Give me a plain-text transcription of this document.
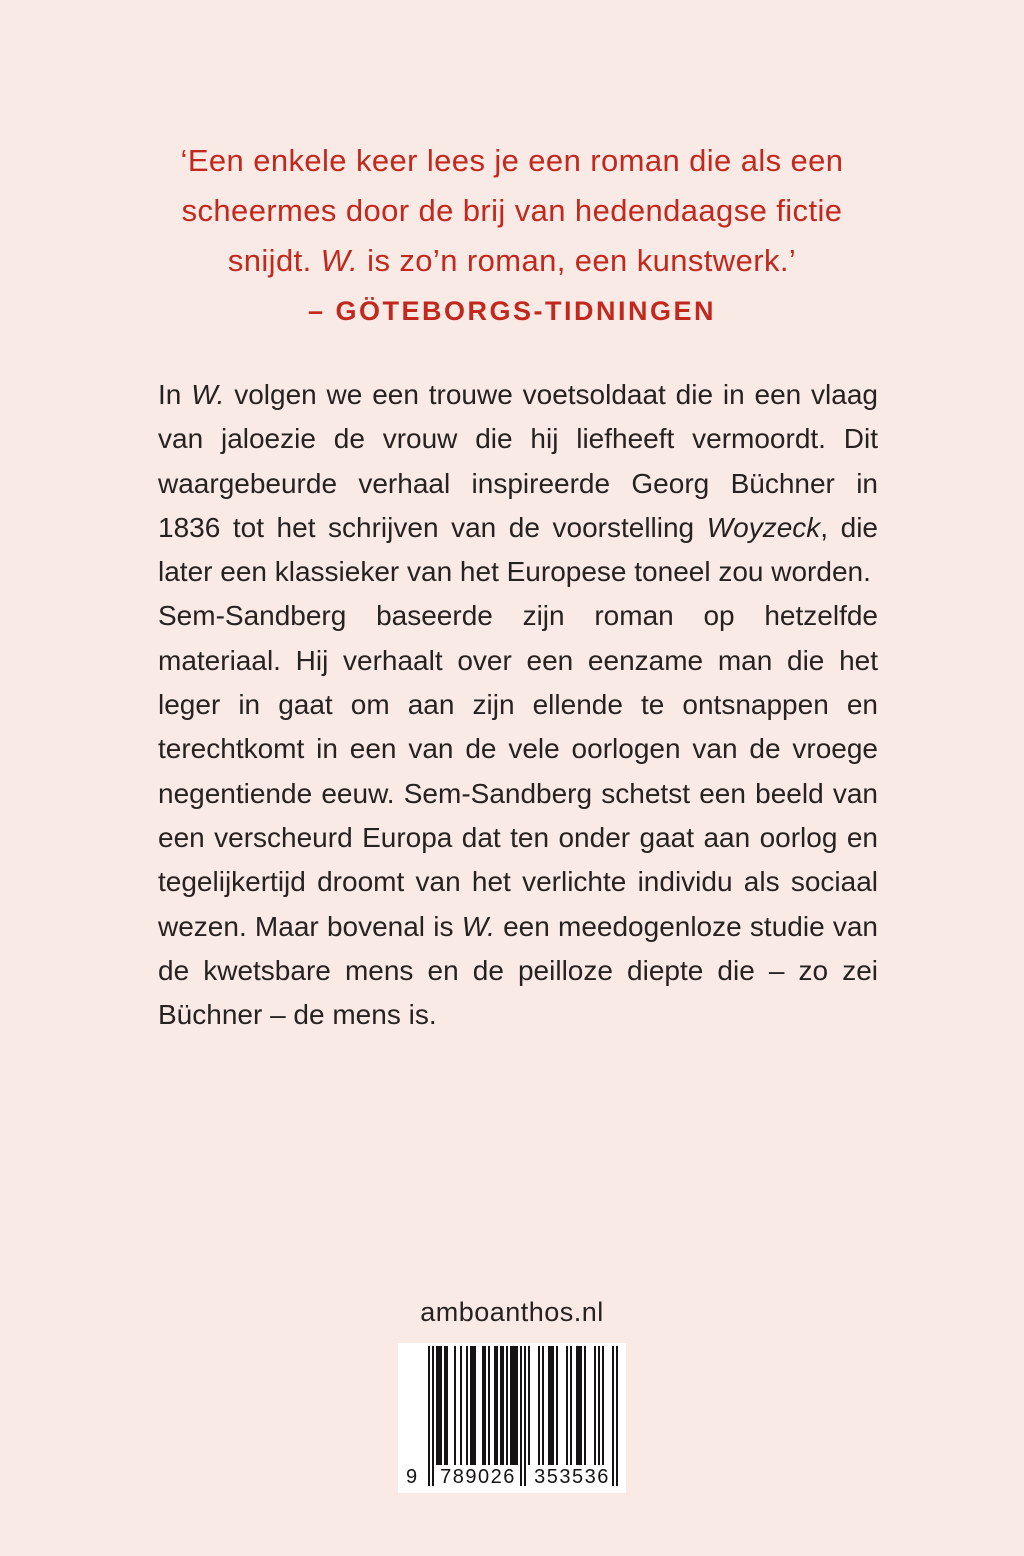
‘Een enkele keer lees je een roman die als een
scheermes door de brij van hedendaagse fictie
snijdt. W. is zo’n roman, een kunstwerk.’
– GÖTEBORGS-TIDNINGEN

In W. volgen we een trouwe voetsoldaat die in een vlaag van jaloezie de vrouw die hij liefheeft vermoordt. Dit waargebeurde verhaal inspireerde Georg Büchner in 1836 tot het schrijven van de voorstelling Woyzeck, die later een klassieker van het Europese toneel zou worden.

Sem-Sandberg baseerde zijn roman op hetzelfde materiaal. Hij verhaalt over een eenzame man die het leger in gaat om aan zijn ellende te ontsnappen en terechtkomt in een van de vele oorlogen van de vroege negentiende eeuw. Sem-Sandberg schetst een beeld van een verscheurd Europa dat ten onder gaat aan oorlog en tegelijkertijd droomt van het verlichte individu als sociaal wezen. Maar bovenal is W. een meedogenloze studie van de kwetsbare mens en de peilloze diepte die – zo zei Büchner – de mens is.

amboanthos.nl
9 789026 353536
